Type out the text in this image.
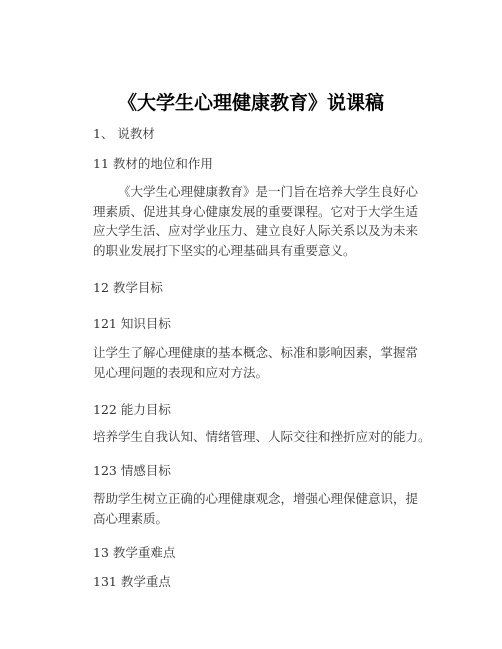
《大学生心理健康教育》说课稿
1、 说教材
11 教材的地位和作用
《大学生心理健康教育》是一门旨在培养大学生良好心理素质、促进其身心健康发展的重要课程。它对于大学生适应大学生活、应对学业压力、建立良好人际关系以及为未来的职业发展打下坚实的心理基础具有重要意义。
12 教学目标
121 知识目标
让学生了解心理健康的基本概念、标准和影响因素，掌握常见心理问题的表现和应对方法。
122 能力目标
培养学生自我认知、情绪管理、人际交往和挫折应对的能力。
123 情感目标
帮助学生树立正确的心理健康观念，增强心理保健意识，提高心理素质。
13 教学重难点
131 教学重点
